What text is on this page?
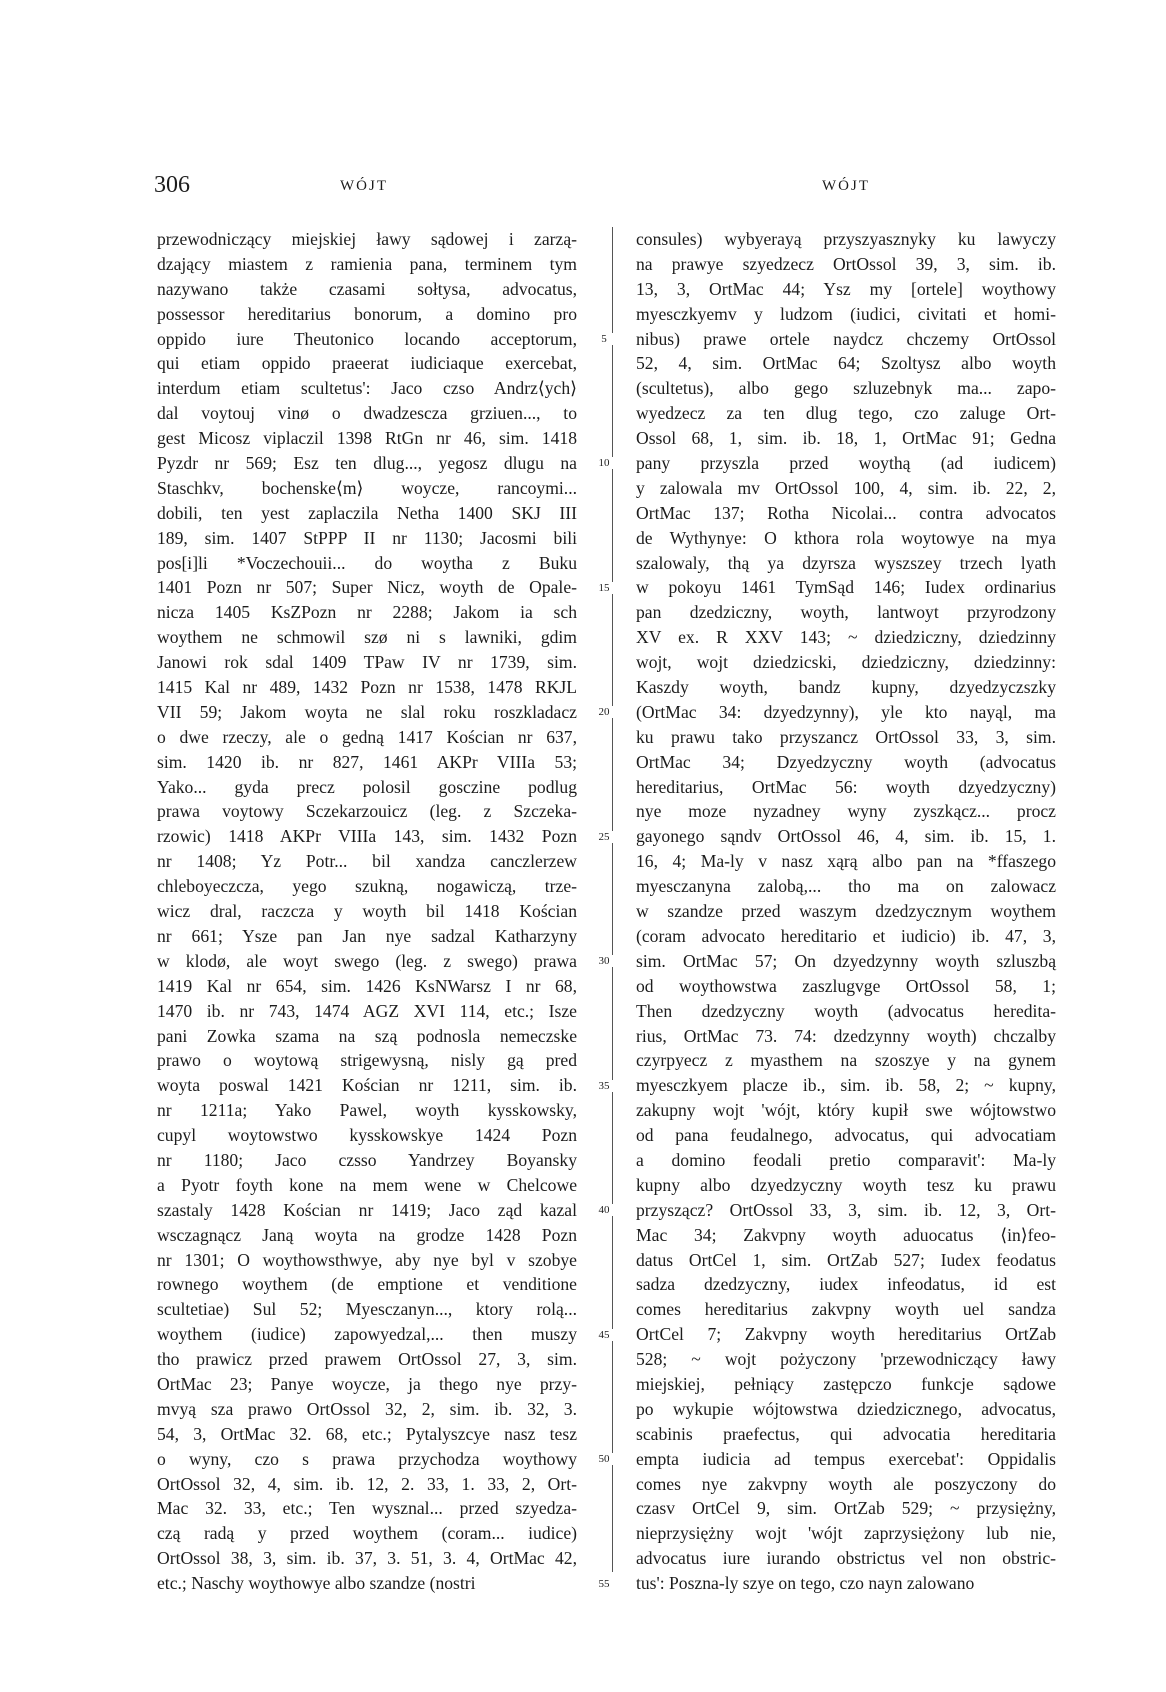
306	WÓJT	WÓJT
przewodniczący miejskiej ławy sądowej i zarzą-
dzający miastem z ramienia pana, terminem tym
nazywano także czasami sołtysa, advocatus,
possessor hereditarius bonorum, a domino pro
oppido iure Theutonico locando acceptorum,
qui etiam oppido praeerat iudiciaque exercebat,
interdum etiam scultetus': Jaco czso Andrz⟨ych⟩
dal voytouj vinø o dwadzescza grziuen..., to
gest Micosz viplaczil 1398 RtGn nr 46, sim. 1418
Pyzdr nr 569; Esz ten dlug..., yegosz dlugu na
Staschkv, bochenske⟨m⟩ woycze, rancoymi...
dobili, ten yest zaplaczila Netha 1400 SKJ III
189, sim. 1407 StPPP II nr 1130; Jacosmi bili
pos[i]li *Voczechouii... do woytha z Buku
1401 Pozn nr 507; Super Nicz, woyth de Opale-
nicza 1405 KsZPozn nr 2288; Jakom ia sch
woythem ne schmowil szø ni s lawniki, gdim
Janowi rok sdal 1409 TPaw IV nr 1739, sim.
1415 Kal nr 489, 1432 Pozn nr 1538, 1478 RKJL
VII 59; Jakom woyta ne slal roku roszkladacz
o dwe rzeczy, ale o gedną 1417 Kościan nr 637,
sim. 1420 ib. nr 827, 1461 AKPr VIIIa 53;
Yako... gyda precz polosil gosczine podlug
prawa voytowy Sczekarzouicz (leg. z Szczeka-
rzowic) 1418 AKPr VIIIa 143, sim. 1432 Pozn
nr 1408; Yz Potr... bil xandza canczlerzew
chleboyeczcza, yego szukną, nogawiczą, trze-
wicz dral, raczcza y woyth bil 1418 Kościan
nr 661; Ysze pan Jan nye sadzal Katharzyny
w klodø, ale woyt swego (leg. z swego) prawa
1419 Kal nr 654, sim. 1426 KsNWarsz I nr 68,
1470 ib. nr 743, 1474 AGZ XVI 114, etc.; Isze
pani Zowka szama na szą podnosla nemeczske
prawo o woytową strigewysną, nisly gą pred
woyta poswal 1421 Kościan nr 1211, sim. ib.
nr 1211a; Yako Pawel, woyth kysskowsky,
cupyl woytowstwo kysskowskye 1424 Pozn
nr 1180; Jaco czsso Yandrzey Boyansky
a Pyotr foyth kone na mem wene w Chelcowe
szastaly 1428 Kościan nr 1419; Jaco ząd kazal
wsczagnącz Janą woyta na grodze 1428 Pozn
nr 1301; O woythowsthwye, aby nye byl v szobye
rownego woythem (de emptione et venditione
scultetiae) Sul 52; Myesczanyn..., ktory rolą...
woythem (iudice) zapowyedzal,... then muszy
tho prawicz przed prawem OrtOssol 27, 3, sim.
OrtMac 23; Panye woycze, ja thego nye przy-
mvyą sza prawo OrtOssol 32, 2, sim. ib. 32, 3.
54, 3, OrtMac 32. 68, etc.; Pytalyszcye nasz tesz
o wyny, czo s prawa przychodza woythowy
OrtOssol 32, 4, sim. ib. 12, 2. 33, 1. 33, 2, Ort-
Mac 32. 33, etc.; Ten wysznal... przed szyedza-
czą radą y przed woythem (coram... iudice)
OrtOssol 38, 3, sim. ib. 37, 3. 51, 3. 4, OrtMac 42,
etc.; Naschy woythowye albo szandze (nostri
5
10
15
20
25
30
35
40
45
50
55
consules) wybyerayą przyszyasznyky ku lawyczy
na prawye szyedzecz OrtOssol 39, 3, sim. ib.
13, 3, OrtMac 44; Ysz my [ortele] woythowy
myesczkyemv y ludzom (iudici, civitati et homi-
nibus) prawe ortele naydcz chczemy OrtOssol
52, 4, sim. OrtMac 64; Szoltysz albo woyth
(scultetus), albo gego szluzebnyk ma... zapo-
wyedzecz za ten dlug tego, czo zaluge Ort-
Ossol 68, 1, sim. ib. 18, 1, OrtMac 91; Gedna
pany przyszla przed woythą (ad iudicem)
y zalowala mv OrtOssol 100, 4, sim. ib. 22, 2,
OrtMac 137; Rotha Nicolai... contra advocatos
de Wythynye: O kthora rola woytowye na mya
szalowaly, thą ya dzyrsza wyszszey trzech lyath
w pokoyu 1461 TymSąd 146; Iudex ordinarius
pan dzedziczny, woyth, lantwoyt przyrodzony
XV ex. R XXV 143; ~ dziedziczny, dziedzinny
wojt, wojt dziedzicski, dziedziczny, dziedzinny:
Kaszdy woyth, bandz kupny, dzyedzyczszky
(OrtMac 34: dzyedzynny), yle kto nayąl, ma
ku prawu tako przyszancz OrtOssol 33, 3, sim.
OrtMac 34; Dzyedzyczny woyth (advocatus
hereditarius, OrtMac 56: woyth dzyedzyczny)
nye moze nyzadney wyny zyszkącz... procz
gayonego sąndv OrtOssol 46, 4, sim. ib. 15, 1.
16, 4; Ma-ly v nasz xąrą albo pan na *ffaszego
myesczanyna zalobą,... tho ma on zalowacz
w szandze przed waszym dzedzycznym woythem
(coram advocato hereditario et iudicio) ib. 47, 3,
sim. OrtMac 57; On dzyedzynny woyth szluszbą
od woythowstwa zaszlugvge OrtOssol 58, 1;
Then dzedzyczny woyth (advocatus heredita-
rius, OrtMac 73. 74: dzedzynny woyth) chczalby
czyrpyecz z myasthem na szoszye y na gynem
myesczkyem placze ib., sim. ib. 58, 2; ~ kupny,
zakupny wojt 'wójt, który kupił swe wójtowstwo
od pana feudalnego, advocatus, qui advocatiam
a domino feodali pretio comparavit': Ma-ly
kupny albo dzyedzyczny woyth tesz ku prawu
przyszącz? OrtOssol 33, 3, sim. ib. 12, 3, Ort-
Mac 34; Zakvpny woyth aduocatus ⟨in⟩feo-
datus OrtCel 1, sim. OrtZab 527; Iudex feodatus
sadza dzedzyczny, iudex infeodatus, id est
comes hereditarius zakvpny woyth uel sandza
OrtCel 7; Zakvpny woyth hereditarius OrtZab
528; ~ wojt pożyczony 'przewodniczący ławy
miejskiej, pełniący zastępczo funkcje sądowe
po wykupie wójtowstwa dziedzicznego, advocatus,
scabinis praefectus, qui advocatia hereditaria
empta iudicia ad tempus exercebat': Oppidalis
comes nye zakvpny woyth ale poszyczony do
czasv OrtCel 9, sim. OrtZab 529; ~ przysiężny,
nieprzysiężny wojt 'wójt zaprzysiężony lub nie,
advocatus iure iurando obstrictus vel non obstric-
tus': Poszna-ly szye on tego, czo nayn zalowano
